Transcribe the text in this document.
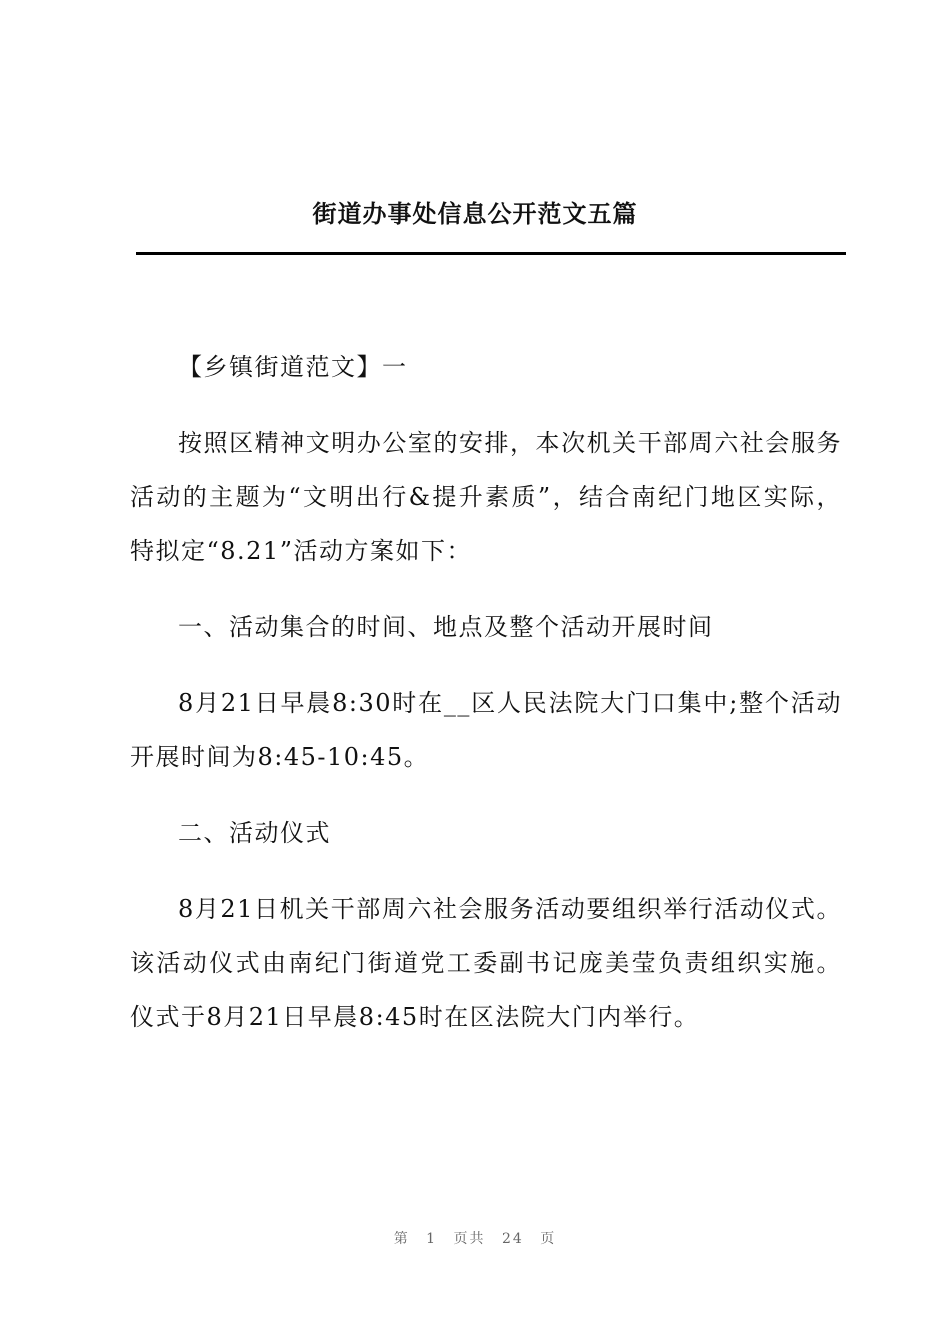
街道办事处信息公开范文五篇

【乡镇街道范文】一

按照区精神文明办公室的安排，本次机关干部周六社会服务活动的主题为“文明出行&提升素质”，结合南纪门地区实际，特拟定“8.21”活动方案如下：

一、活动集合的时间、地点及整个活动开展时间

8月21日早晨8:30时在__区人民法院大门口集中;整个活动开展时间为8:45-10:45。

二、活动仪式

8月21日机关干部周六社会服务活动要组织举行活动仪式。该活动仪式由南纪门街道党工委副书记庞美莹负责组织实施。仪式于8月21日早晨8:45时在区法院大门内举行。

第 1 页共 24 页
